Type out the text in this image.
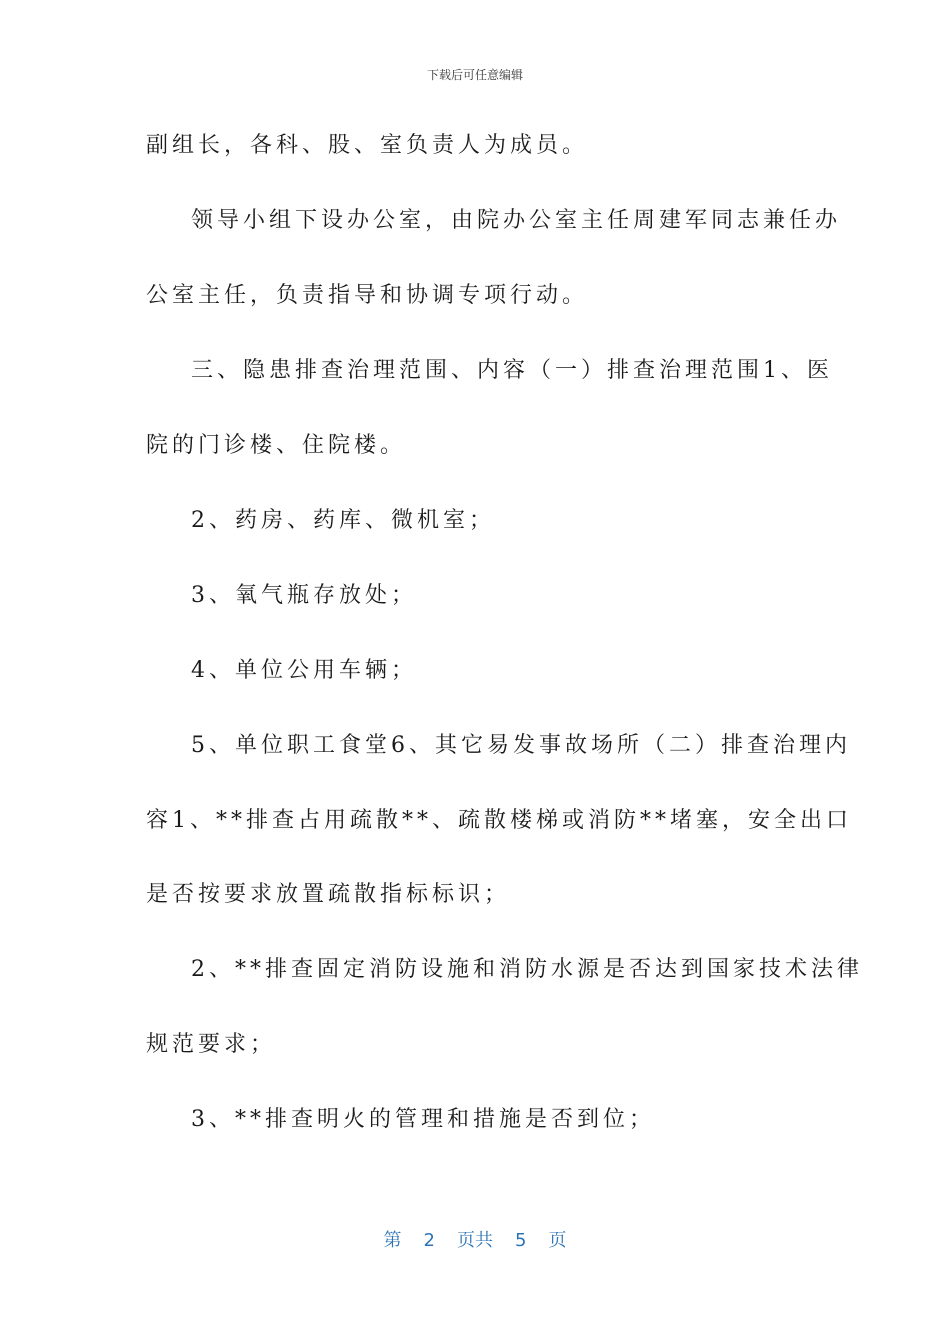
下载后可任意编辑
副组长，各科、股、室负责人为成员。
领导小组下设办公室，由院办公室主任周建军同志兼任办
公室主任，负责指导和协调专项行动。
三、隐患排查治理范围、内容（一）排查治理范围1、医
院的门诊楼、住院楼。
2、药房、药库、微机室；
3、氧气瓶存放处；
4、单位公用车辆；
5、单位职工食堂6、其它易发事故场所（二）排查治理内
容1、**排查占用疏散**、疏散楼梯或消防**堵塞，安全出口
是否按要求放置疏散指标标识；
2、**排查固定消防设施和消防水源是否达到国家技术法律
规范要求；
3、**排查明火的管理和措施是否到位；
第 2 页共 5 页
